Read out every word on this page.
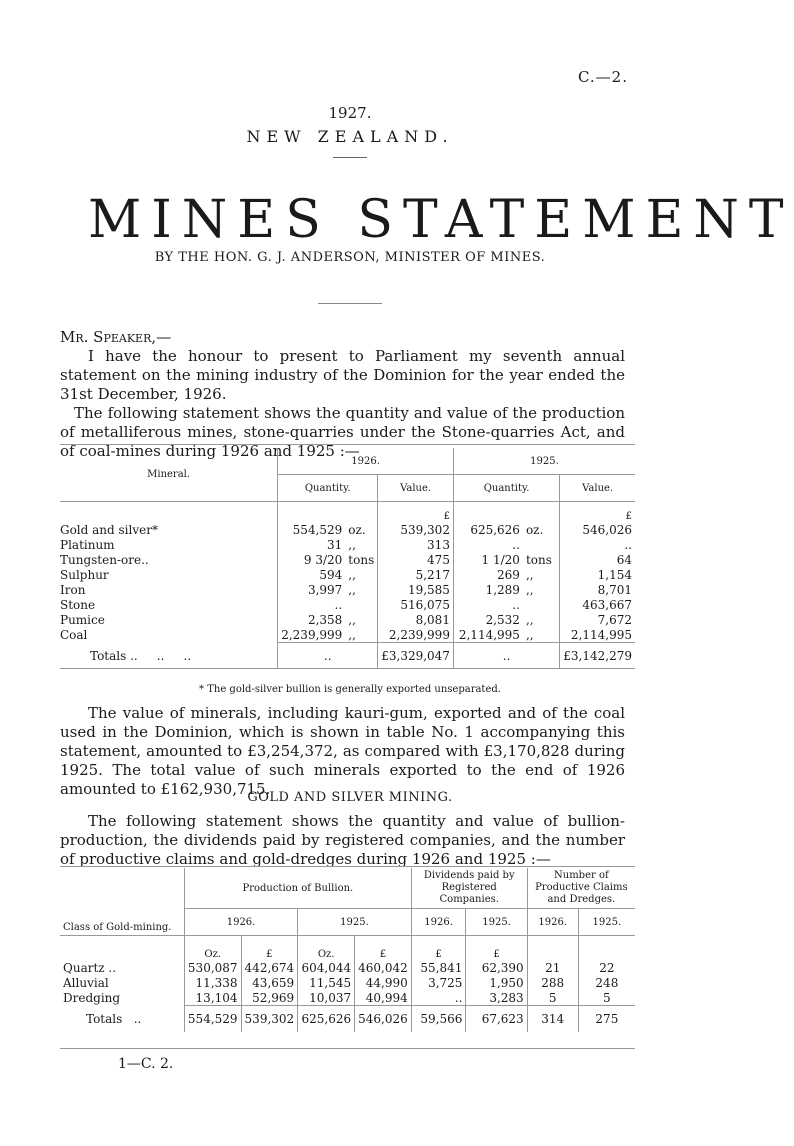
C.—2.
1927.
NEW ZEALAND.
MINES STATEMENT
BY THE HON. G. J. ANDERSON, MINISTER OF MINES.
Mr. Speaker,—

I have the honour to present to Parliament my seventh annual statement on the mining industry of the Dominion for the year ended the 31st December, 1926.

The following statement shows the quantity and value of the production of metalliferous mines, stone-quarries under the Stone-quarries Act, and of coal-mines during 1926 and 1925 :—

Mineral.	1926.			1925.		
	Quantity.		Value.	Quantity.		Value.
			£			£
Gold and silver*	554,529	oz.	539,302	625,626	oz.	546,026
Platinum	31	,,	313	..		..
Tungsten-ore..	9 3/20	tons	475	1 1/20	tons	64
Sulphur	594	,,	5,217	269	,,	1,154
Iron	3,997	,,	19,585	1,289	,,	8,701
Stone	..		516,075	..		463,667
Pumice	2,358	,,	8,081	2,532	,,	7,672
Coal	2,239,999	,,	2,239,999	2,114,995	,,	2,114,995
Totals ..     ..     ..	..		£3,329,047	..		£3,142,279
* The gold-silver bullion is generally exported unseparated.
The value of minerals, including kauri-gum, exported and of the coal used in the Dominion, which is shown in table No. 1 accompanying this statement, amounted to £3,254,372, as compared with £3,170,828 during 1925. The total value of such minerals exported to the end of 1926 amounted to £162,930,715.
GOLD AND SILVER MINING.
The following statement shows the quantity and value of bullion-production, the dividends paid by registered companies, and the number of productive claims and gold-dredges during 1926 and 1925 :—
Class of Gold-mining.	Production of Bullion.				Dividends paid by Registered Companies.		Number of Productive Claims and Dredges.	
	1926.		1925.		1926.	1925.	1926.	1925.
	Oz.	£	Oz.	£	£	£		
Quartz ..	530,087	442,674	604,044	460,042	55,841	62,390	21	22
Alluvial	11,338	43,659	11,545	44,990	3,725	1,950	288	248
Dredging	13,104	52,969	10,037	40,994	..	3,283	5	5
Totals   ..	554,529	539,302	625,626	546,026	59,566	67,623	314	275
1—C. 2.
